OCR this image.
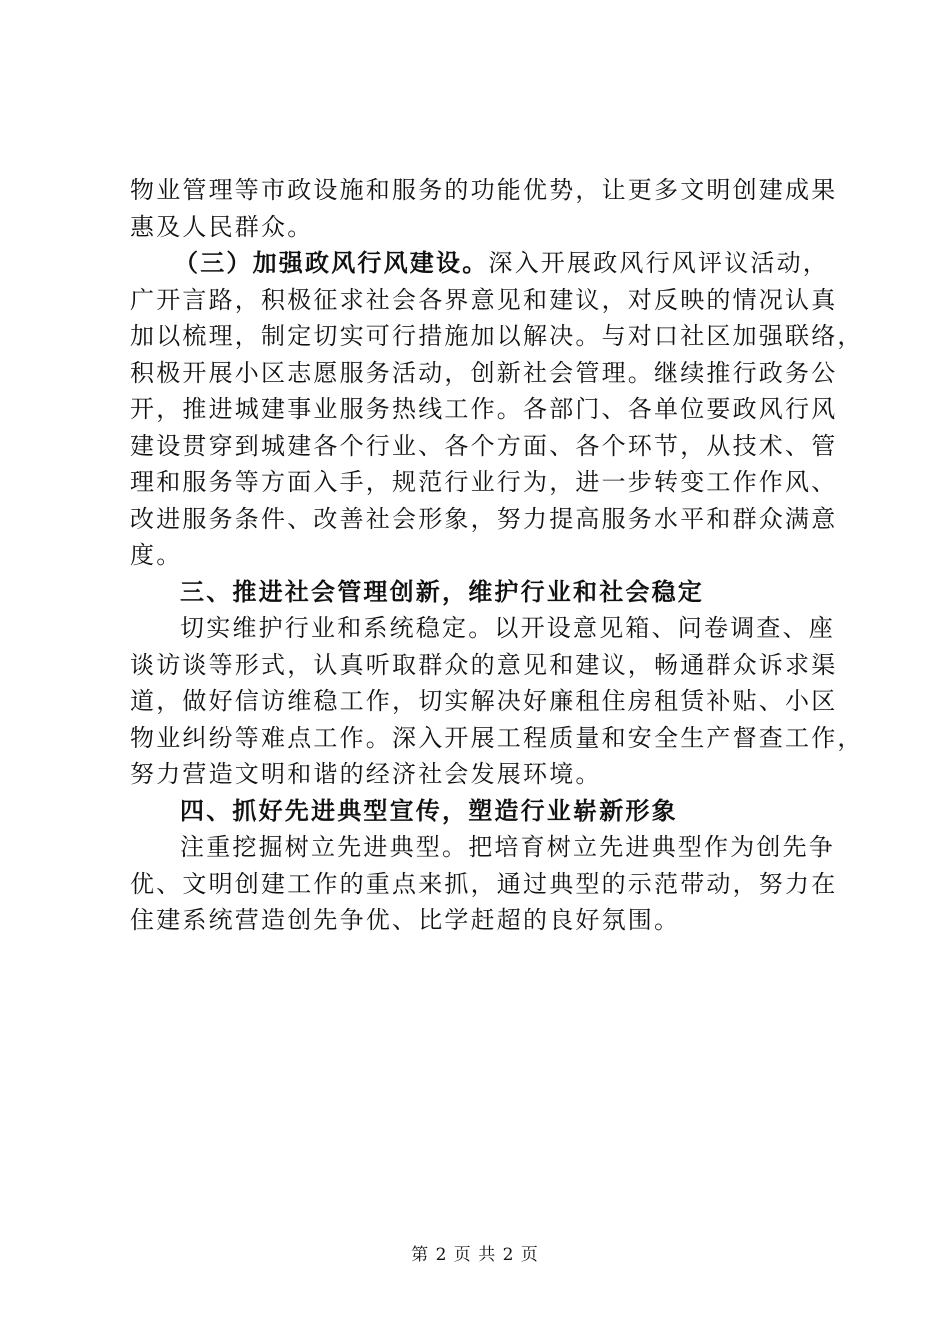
物业管理等市政设施和服务的功能优势，让更多文明创建成果
惠及人民群众。
（三）加强政风行风建设。深入开展政风行风评议活动，
广开言路，积极征求社会各界意见和建议，对反映的情况认真
加以梳理，制定切实可行措施加以解决。与对口社区加强联络，
积极开展小区志愿服务活动，创新社会管理。继续推行政务公
开，推进城建事业服务热线工作。各部门、各单位要政风行风
建设贯穿到城建各个行业、各个方面、各个环节，从技术、管
理和服务等方面入手，规范行业行为，进一步转变工作作风、
改进服务条件、改善社会形象，努力提高服务水平和群众满意
度。
三、推进社会管理创新，维护行业和社会稳定
切实维护行业和系统稳定。以开设意见箱、问卷调查、座
谈访谈等形式，认真听取群众的意见和建议，畅通群众诉求渠
道，做好信访维稳工作，切实解决好廉租住房租赁补贴、小区
物业纠纷等难点工作。深入开展工程质量和安全生产督查工作，
努力营造文明和谐的经济社会发展环境。
四、抓好先进典型宣传，塑造行业崭新形象
注重挖掘树立先进典型。把培育树立先进典型作为创先争
优、文明创建工作的重点来抓，通过典型的示范带动，努力在
住建系统营造创先争优、比学赶超的良好氛围。
第 2 页 共 2 页
